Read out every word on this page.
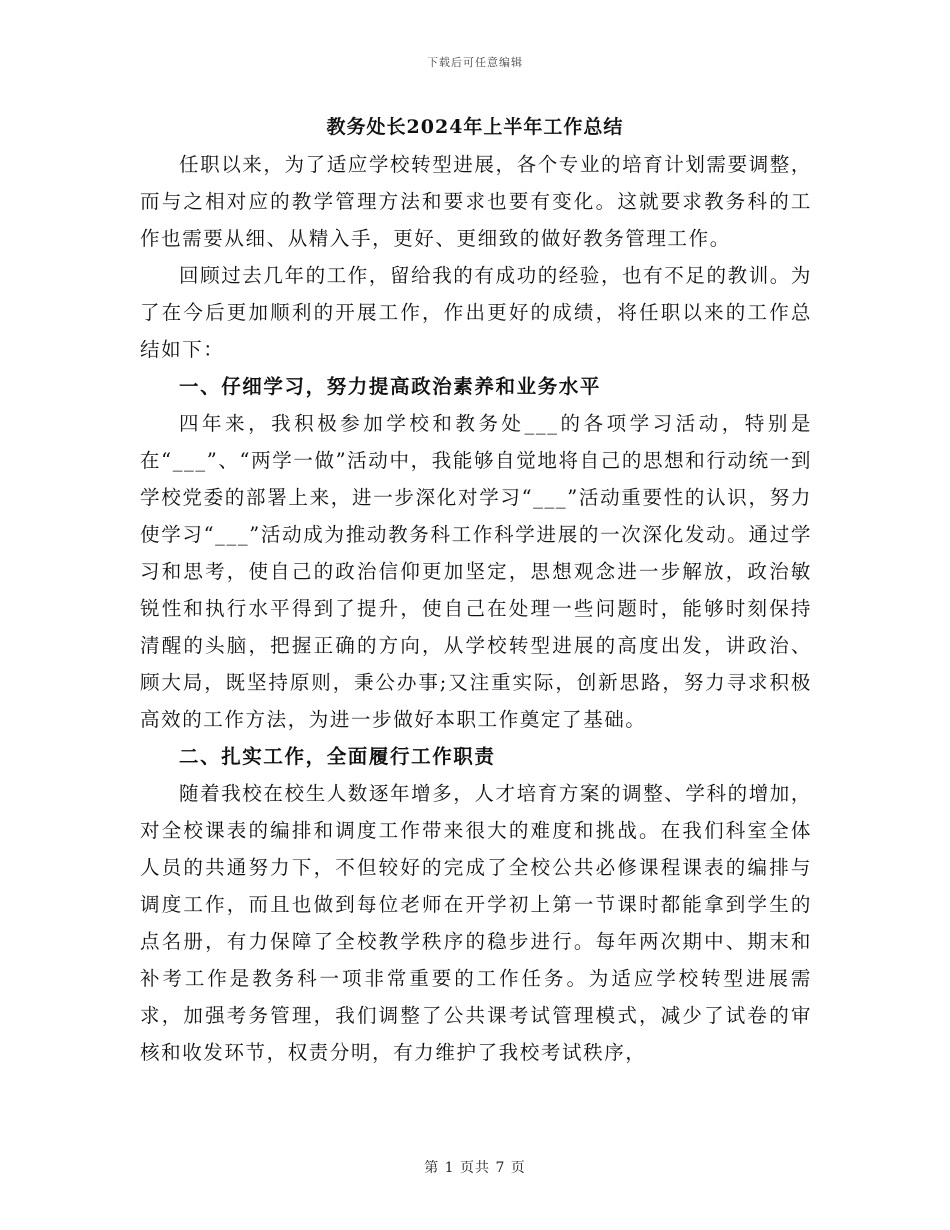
下载后可任意编辑
教务处长2024年上半年工作总结

任职以来，为了适应学校转型进展，各个专业的培育计划需要调整，而与之相对应的教学管理方法和要求也要有变化。这就要求教务科的工作也需要从细、从精入手，更好、更细致的做好教务管理工作。

回顾过去几年的工作，留给我的有成功的经验，也有不足的教训。为了在今后更加顺利的开展工作，作出更好的成绩，将任职以来的工作总结如下：

一、仔细学习，努力提高政治素养和业务水平

四年来，我积极参加学校和教务处___的各项学习活动，特别是在“___”、“两学一做”活动中，我能够自觉地将自己的思想和行动统一到学校党委的部署上来，进一步深化对学习“___”活动重要性的认识，努力使学习“___”活动成为推动教务科工作科学进展的一次深化发动。通过学习和思考，使自己的政治信仰更加坚定，思想观念进一步解放，政治敏锐性和执行水平得到了提升，使自己在处理一些问题时，能够时刻保持清醒的头脑，把握正确的方向，从学校转型进展的高度出发，讲政治、顾大局，既坚持原则，秉公办事;又注重实际，创新思路，努力寻求积极高效的工作方法，为进一步做好本职工作奠定了基础。

二、扎实工作，全面履行工作职责

随着我校在校生人数逐年增多，人才培育方案的调整、学科的增加，对全校课表的编排和调度工作带来很大的难度和挑战。在我们科室全体人员的共通努力下，不但较好的完成了全校公共必修课程课表的编排与调度工作，而且也做到每位老师在开学初上第一节课时都能拿到学生的点名册，有力保障了全校教学秩序的稳步进行。每年两次期中、期末和补考工作是教务科一项非常重要的工作任务。为适应学校转型进展需求，加强考务管理，我们调整了公共课考试管理模式，减少了试卷的审核和收发环节，权责分明，有力维护了我校考试秩序，

第 1 页共 7 页
